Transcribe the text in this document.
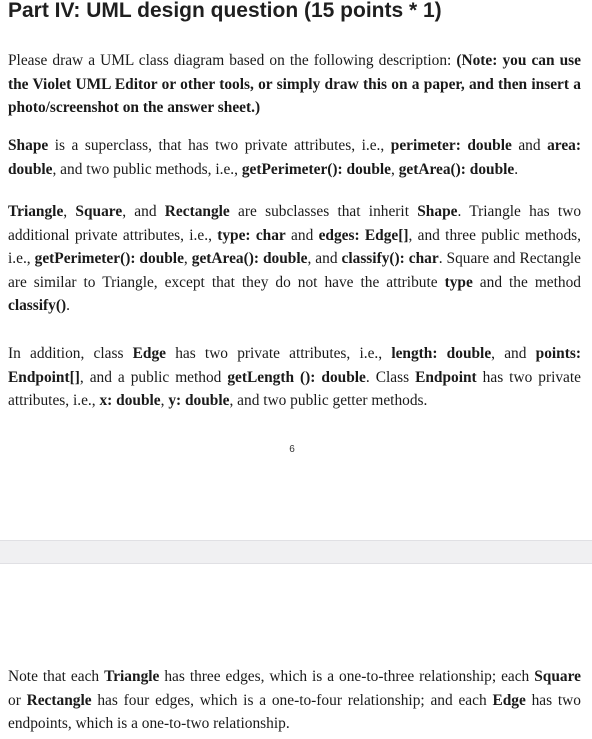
Part IV: UML design question (15 points * 1)

Please draw a UML class diagram based on the following description: (Note: you can use the Violet UML Editor or other tools, or simply draw this on a paper, and then insert a photo/screenshot on the answer sheet.)

Shape is a superclass, that has two private attributes, i.e., perimeter: double and area: double, and two public methods, i.e., getPerimeter(): double, getArea(): double.

Triangle, Square, and Rectangle are subclasses that inherit Shape. Triangle has two additional private attributes, i.e., type: char and edges: Edge[], and three public methods, i.e., getPerimeter(): double, getArea(): double, and classify(): char. Square and Rectangle are similar to Triangle, except that they do not have the attribute type and the method classify().

In addition, class Edge has two private attributes, i.e., length: double, and points: Endpoint[], and a public method getLength (): double. Class Endpoint has two private attributes, i.e., x: double, y: double, and two public getter methods.

6

Note that each Triangle has three edges, which is a one-to-three relationship; each Square or Rectangle has four edges, which is a one-to-four relationship; and each Edge has two endpoints, which is a one-to-two relationship.
